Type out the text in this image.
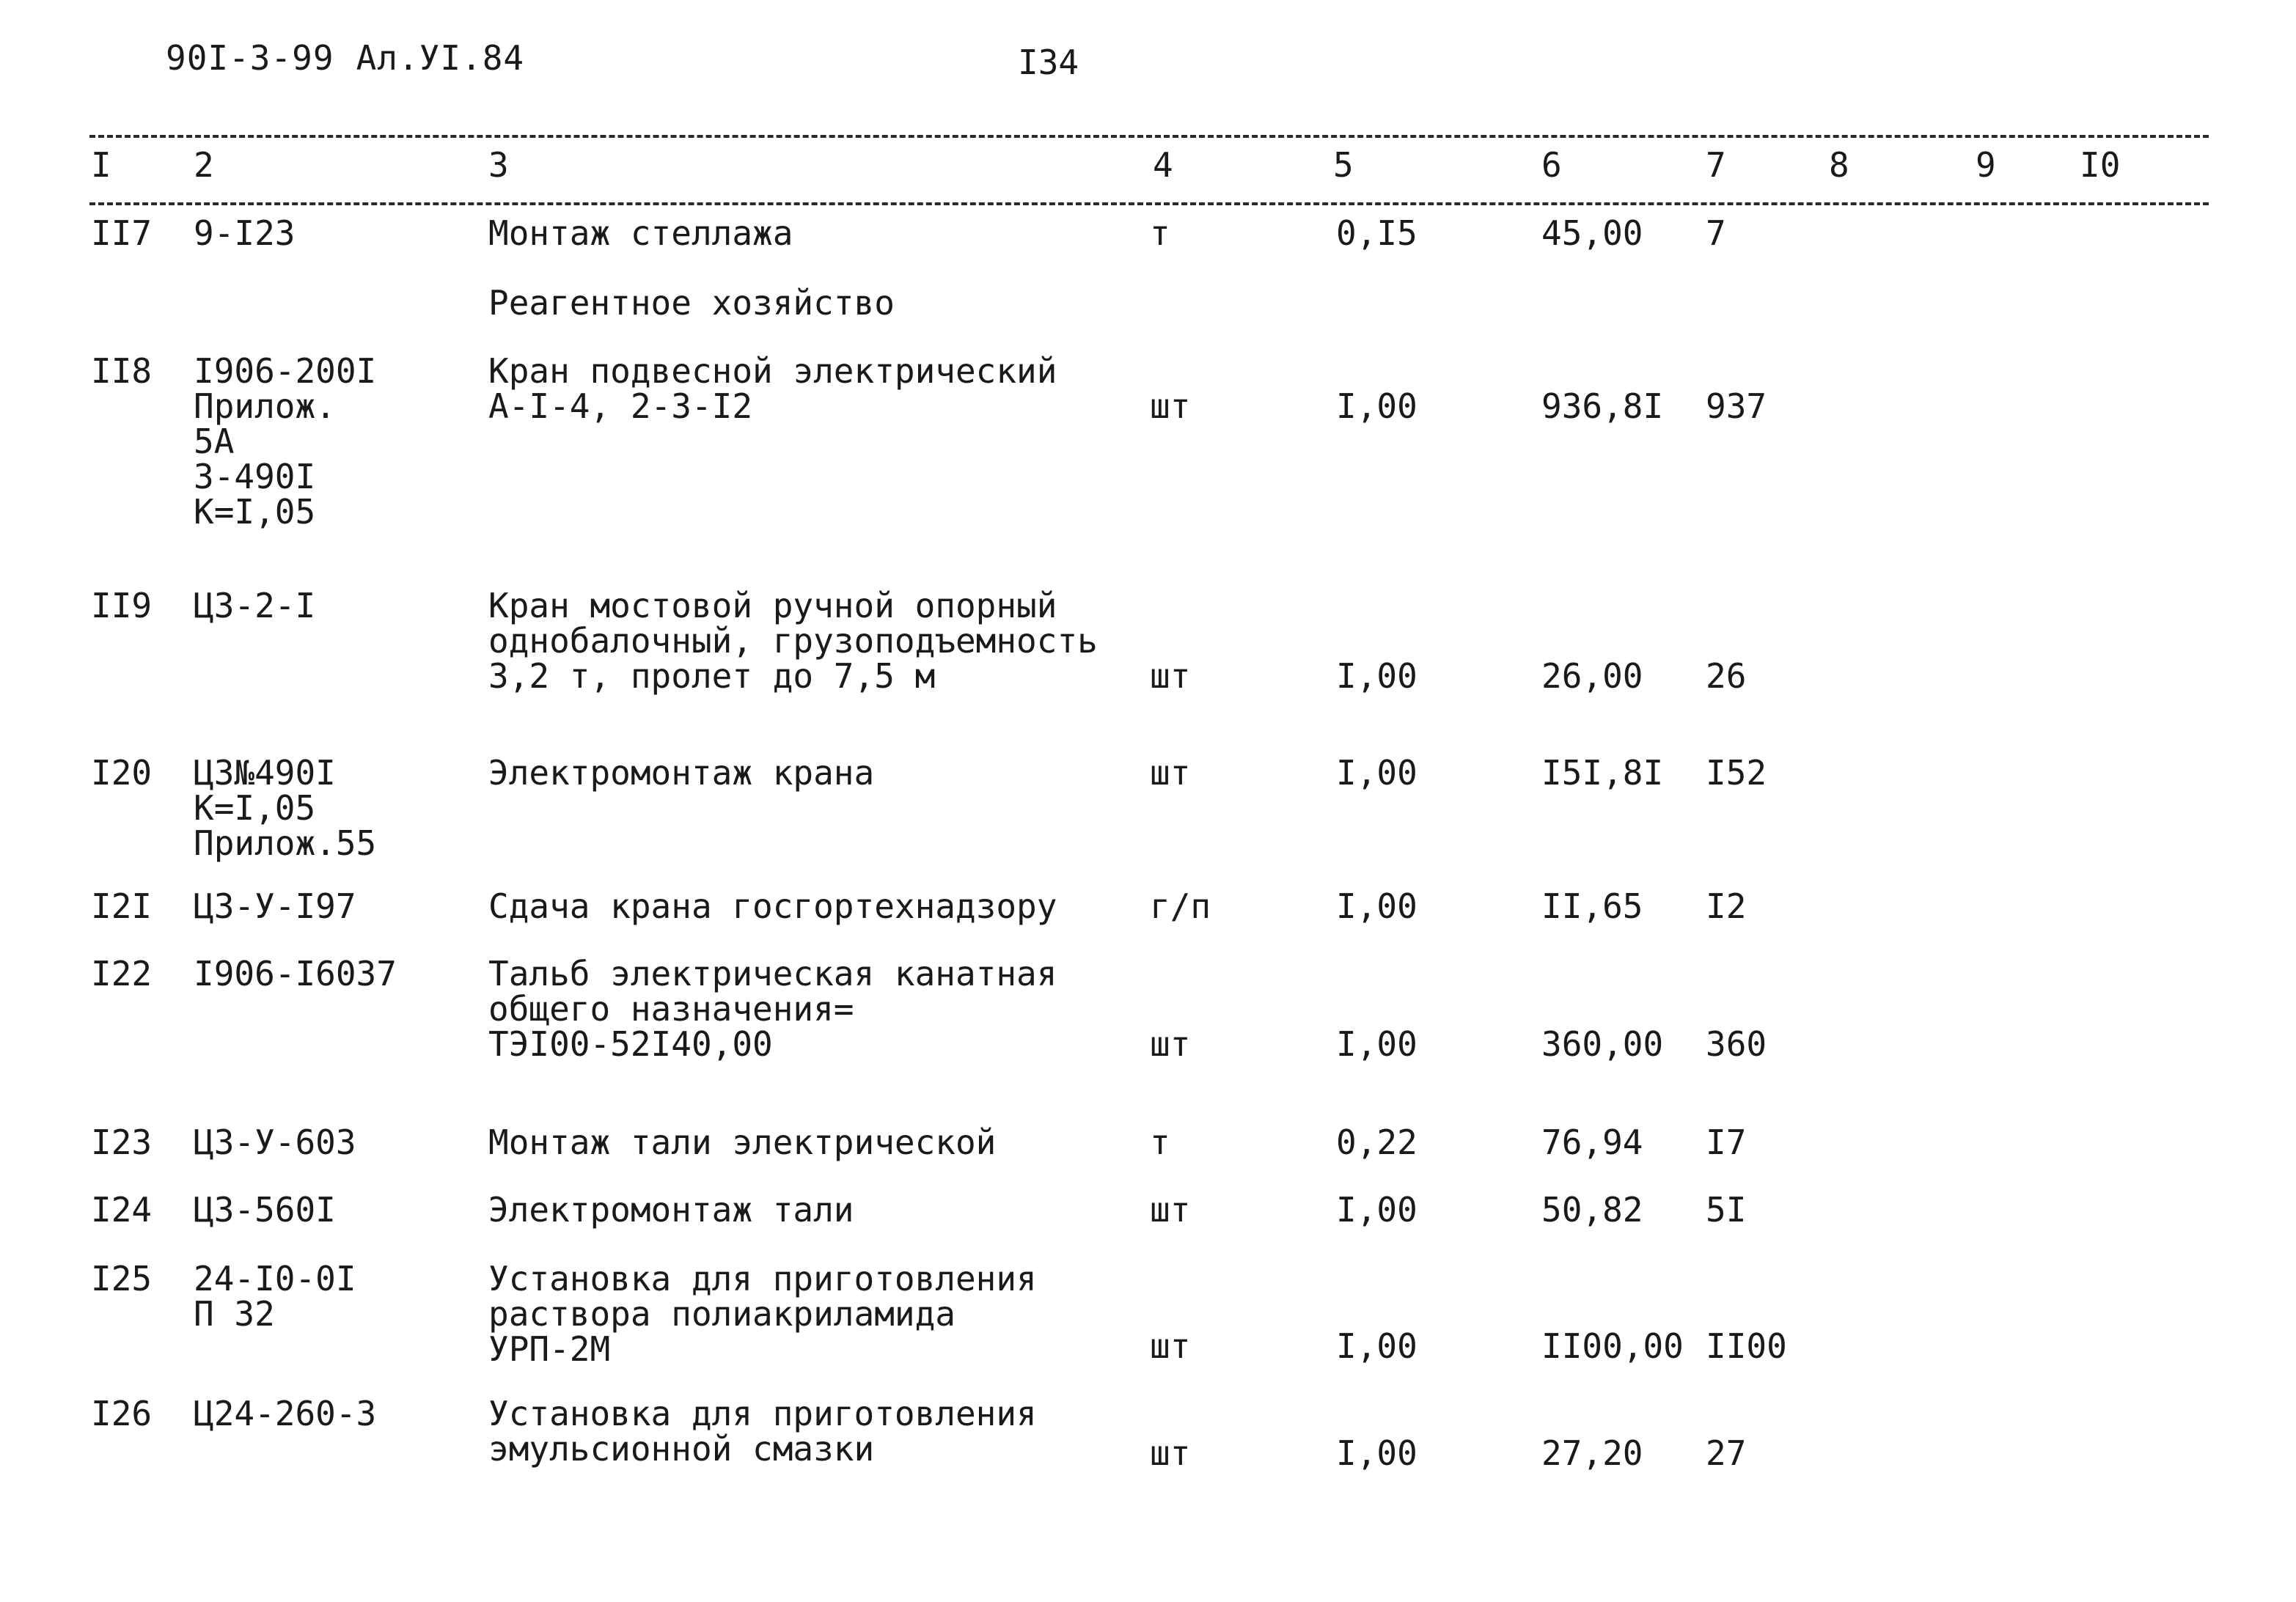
90I-3-99 Ал.УI.84	I34
I 2	3	4	5	6	7	8	9 I0
II7 9-I23	Монтаж стеллажа	т	0,I5	45,00 7
Реагентное хозяйство
II8 I906-200I
Прилож.
5А
3-490I
К=I,05
Кран подвесной электрический
А-I-4, 2-3-I2	шт	I,00	936,8I 937
II9 Ц3-2-I	Кран мостовой ручной опорный
однобалочный, грузоподъемность
3,2 т, пролет до 7,5 м	шт	I,00	26,00 26
I20 Ц3№490I
К=I,05
Прилож.55
Электромонтаж крана	шт	I,00	I5I,8I I52
I2I Ц3-У-I97	Сдача крана госгортехнадзору	г/п	I,00	II,65 I2
I22 I906-I6037	Тальб электрическая канатная
общего назначения=
ТЭI00-52I40,00	шт	I,00	360,00 360
I23 Ц3-У-603	Монтаж тали электрической	т	0,22	76,94 I7
I24 Ц3-560I	Электромонтаж тали	шт	I,00	50,82 5I
I25 24-I0-0I
П 32
Установка для приготовления
раствора полиакриламида
УРП-2М	шт	I,00	II00,00 II00
I26 Ц24-260-3	Установка для приготовления
эмульсионной смазки	шт	I,00	27,20 27
